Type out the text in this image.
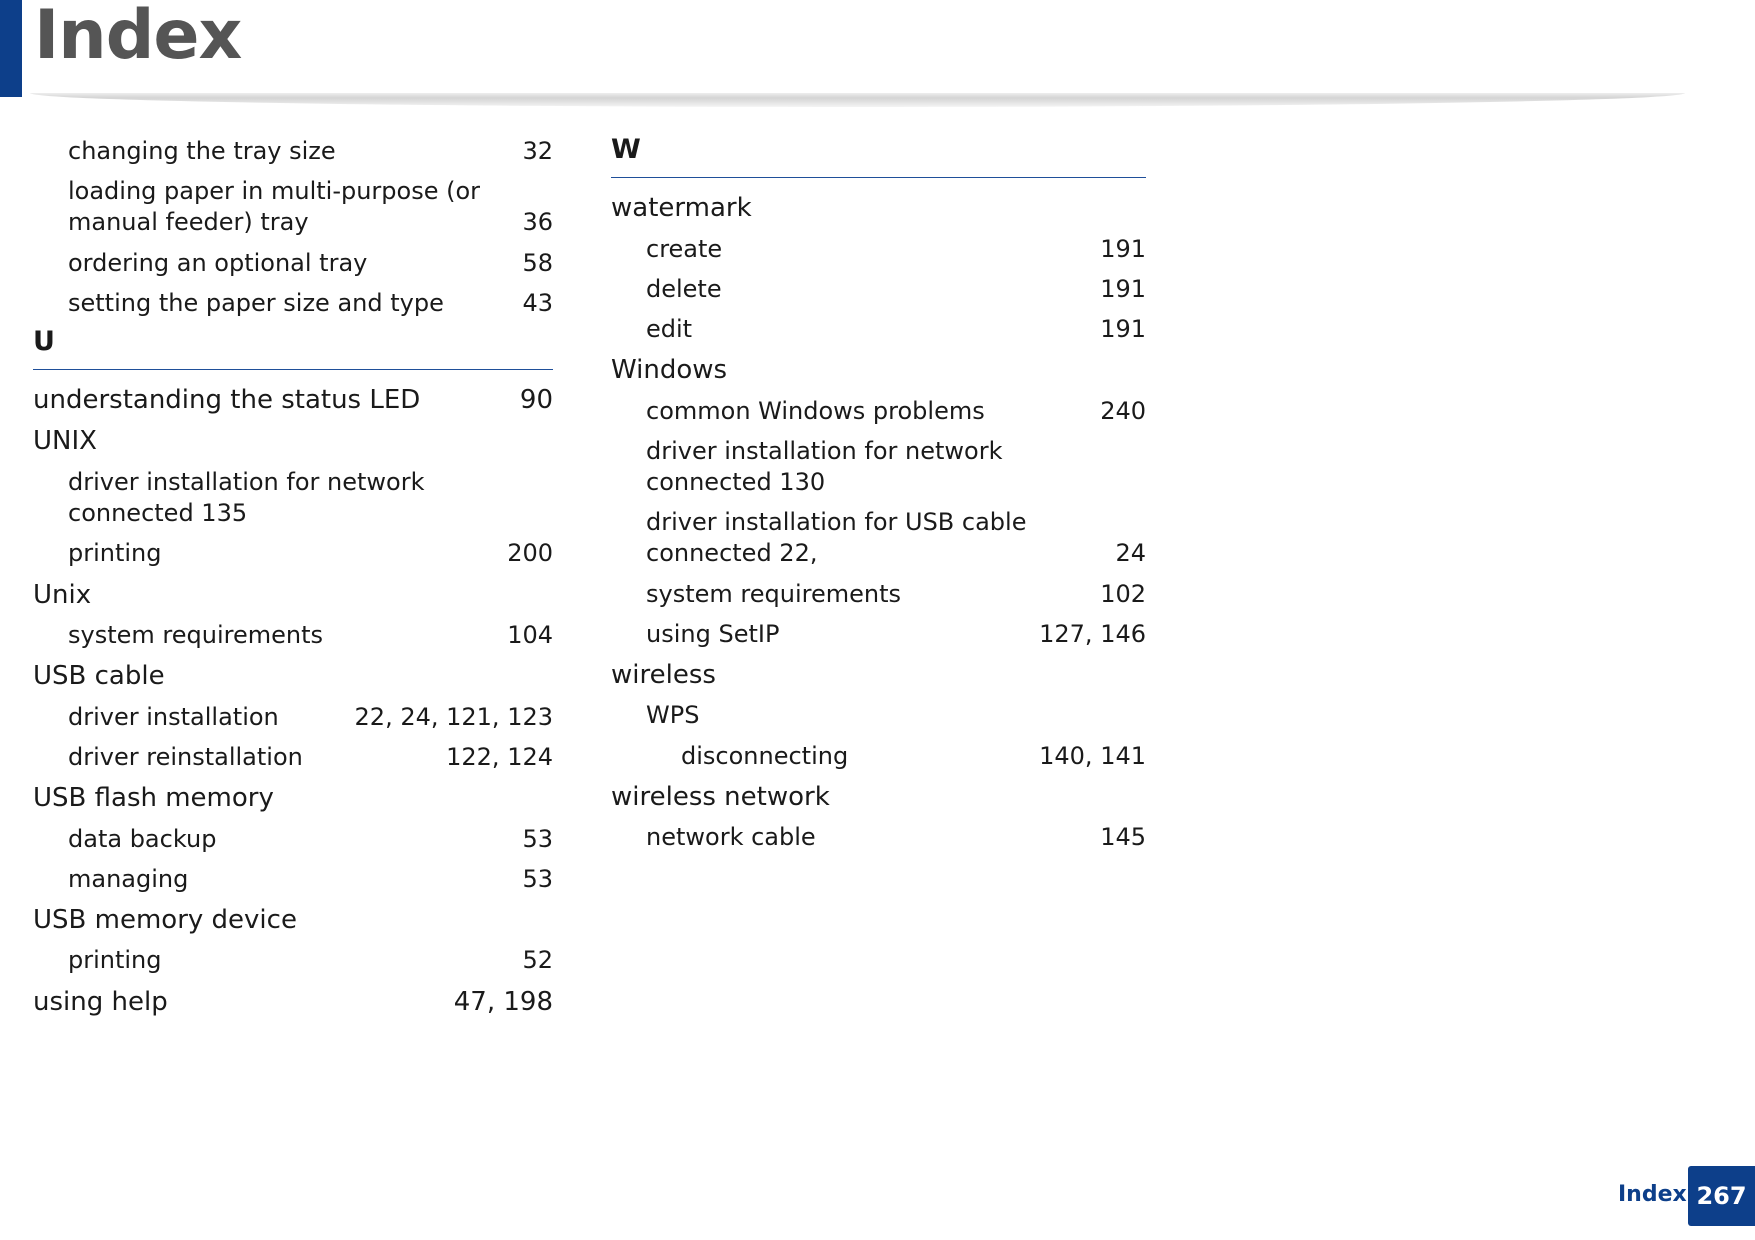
Index
changing the tray size	32
loading paper in multi-purpose (or manual feeder) tray	36
ordering an optional tray	58
setting the paper size and type	43
U
understanding the status LED	90
UNIX
driver installation for network connected 135
printing	200
Unix
system requirements	104
USB cable
driver installation	22, 24, 121, 123
driver reinstallation	122, 124
USB flash memory
data backup	53
managing	53
USB memory device
printing	52
using help	47, 198
W
watermark
create	191
delete	191
edit	191
Windows
common Windows problems	240
driver installation for network connected 130
driver installation for USB cable connected 22,	24
system requirements	102
using SetIP	127, 146
wireless
WPS
disconnecting	140, 141
wireless network
network cable	145
Index 267
